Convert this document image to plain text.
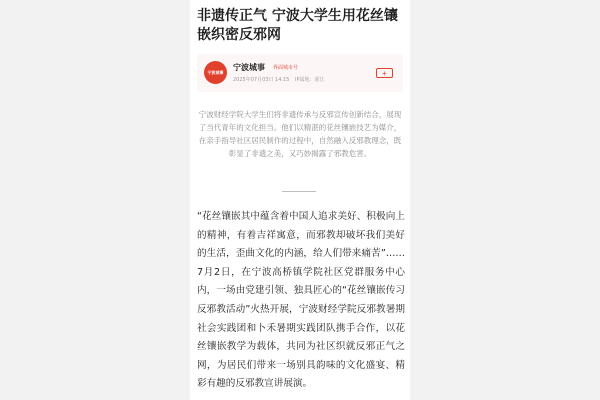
非遗传正气 宁波大学生用花丝镶嵌织密反邪网
宁波城事
宁波城事 界面城市号
2025年07月03日 14:15 IP属地：浙江
+

宁波财经学院大学生们将非遗传承与反邪宣传创新结合，展现了当代青年的文化担当。他们以精湛的花丝镶嵌技艺为媒介，在亲手指导社区居民制作的过程中，自然融入反邪教理念，既彰显了非遗之美，又巧妙揭露了邪教危害。

“花丝镶嵌其中蕴含着中国人追求美好、积极向上的精神，有着吉祥寓意，而邪教却破坏我们美好的生活，歪曲文化的内涵，给人们带来痛苦”……7月2日，在宁波高桥镇学院社区党群服务中心内，一场由党建引领、独具匠心的“花丝镶嵌传习反邪教活动”火热开展，宁波财经学院反邪教暑期社会实践团和卜禾暑期实践团队携手合作，以花丝镶嵌教学为载体，共同为社区织就反邪正气之网，为居民们带来一场别具韵味的文化盛宴、精彩有趣的反邪教宣讲展演。
